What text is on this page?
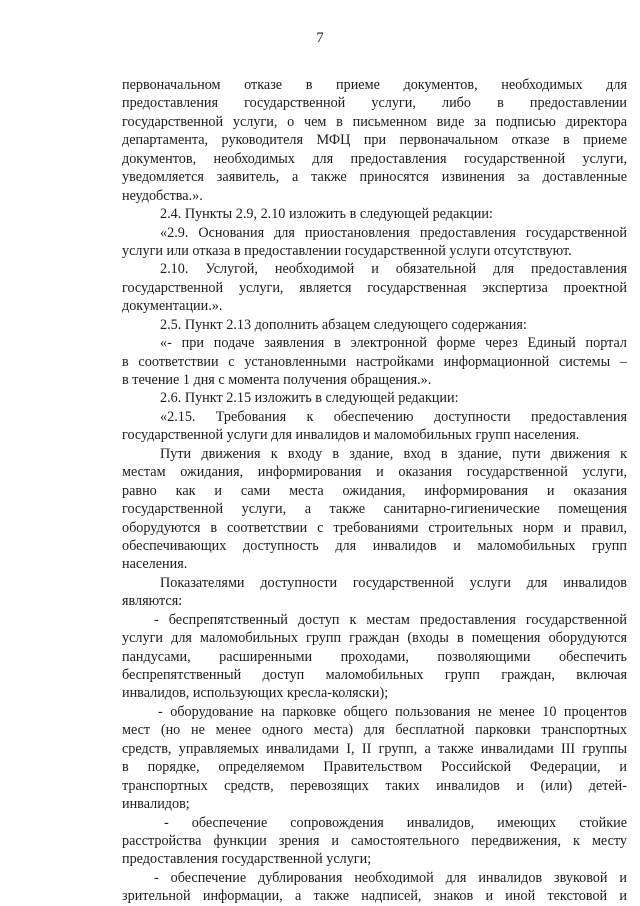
7
первоначальном отказе в приеме документов, необходимых для
предоставления государственной услуги, либо в предоставлении
государственной услуги, о чем в письменном виде за подписью директора
департамента, руководителя МФЦ при первоначальном отказе в приеме
документов, необходимых для предоставления государственной услуги,
уведомляется заявитель, а также приносятся извинения за доставленные
неудобства.».
2.4. Пункты 2.9, 2.10 изложить в следующей редакции:
«2.9. Основания для приостановления предоставления государственной
услуги или отказа в предоставлении государственной услуги отсутствуют.
2.10. Услугой, необходимой и обязательной для предоставления
государственной услуги, является государственная экспертиза проектной
документации.».
2.5. Пункт 2.13 дополнить абзацем следующего содержания:
«- при подаче заявления в электронной форме через Единый портал
в соответствии с установленными настройками информационной системы –
в течение 1 дня с момента получения обращения.».
2.6. Пункт 2.15 изложить в следующей редакции:
«2.15. Требования к обеспечению доступности предоставления
государственной услуги для инвалидов и маломобильных групп населения.
Пути движения к входу в здание, вход в здание, пути движения к
местам ожидания, информирования и оказания государственной услуги,
равно как и сами места ожидания, информирования и оказания
государственной услуги, а также санитарно-гигиенические помещения
оборудуются в соответствии с требованиями строительных норм и правил,
обеспечивающих доступность для инвалидов и маломобильных групп
населения.
Показателями доступности государственной услуги для инвалидов
являются:
- беспрепятственный доступ к местам предоставления государственной
услуги для маломобильных групп граждан (входы в помещения оборудуются
пандусами, расширенными проходами, позволяющими обеспечить
беспрепятственный доступ маломобильных групп граждан, включая
инвалидов, использующих кресла-коляски);
- оборудование на парковке общего пользования не менее 10 процентов
мест (но не менее одного места) для бесплатной парковки транспортных
средств, управляемых инвалидами I, II групп, а также инвалидами III группы
в порядке, определяемом Правительством Российской Федерации, и
транспортных средств, перевозящих таких инвалидов и (или) детей-
инвалидов;
- обеспечение сопровождения инвалидов, имеющих стойкие
расстройства функции зрения и самостоятельного передвижения, к месту
предоставления государственной услуги;
- обеспечение дублирования необходимой для инвалидов звуковой и
зрительной информации, а также надписей, знаков и иной текстовой и
